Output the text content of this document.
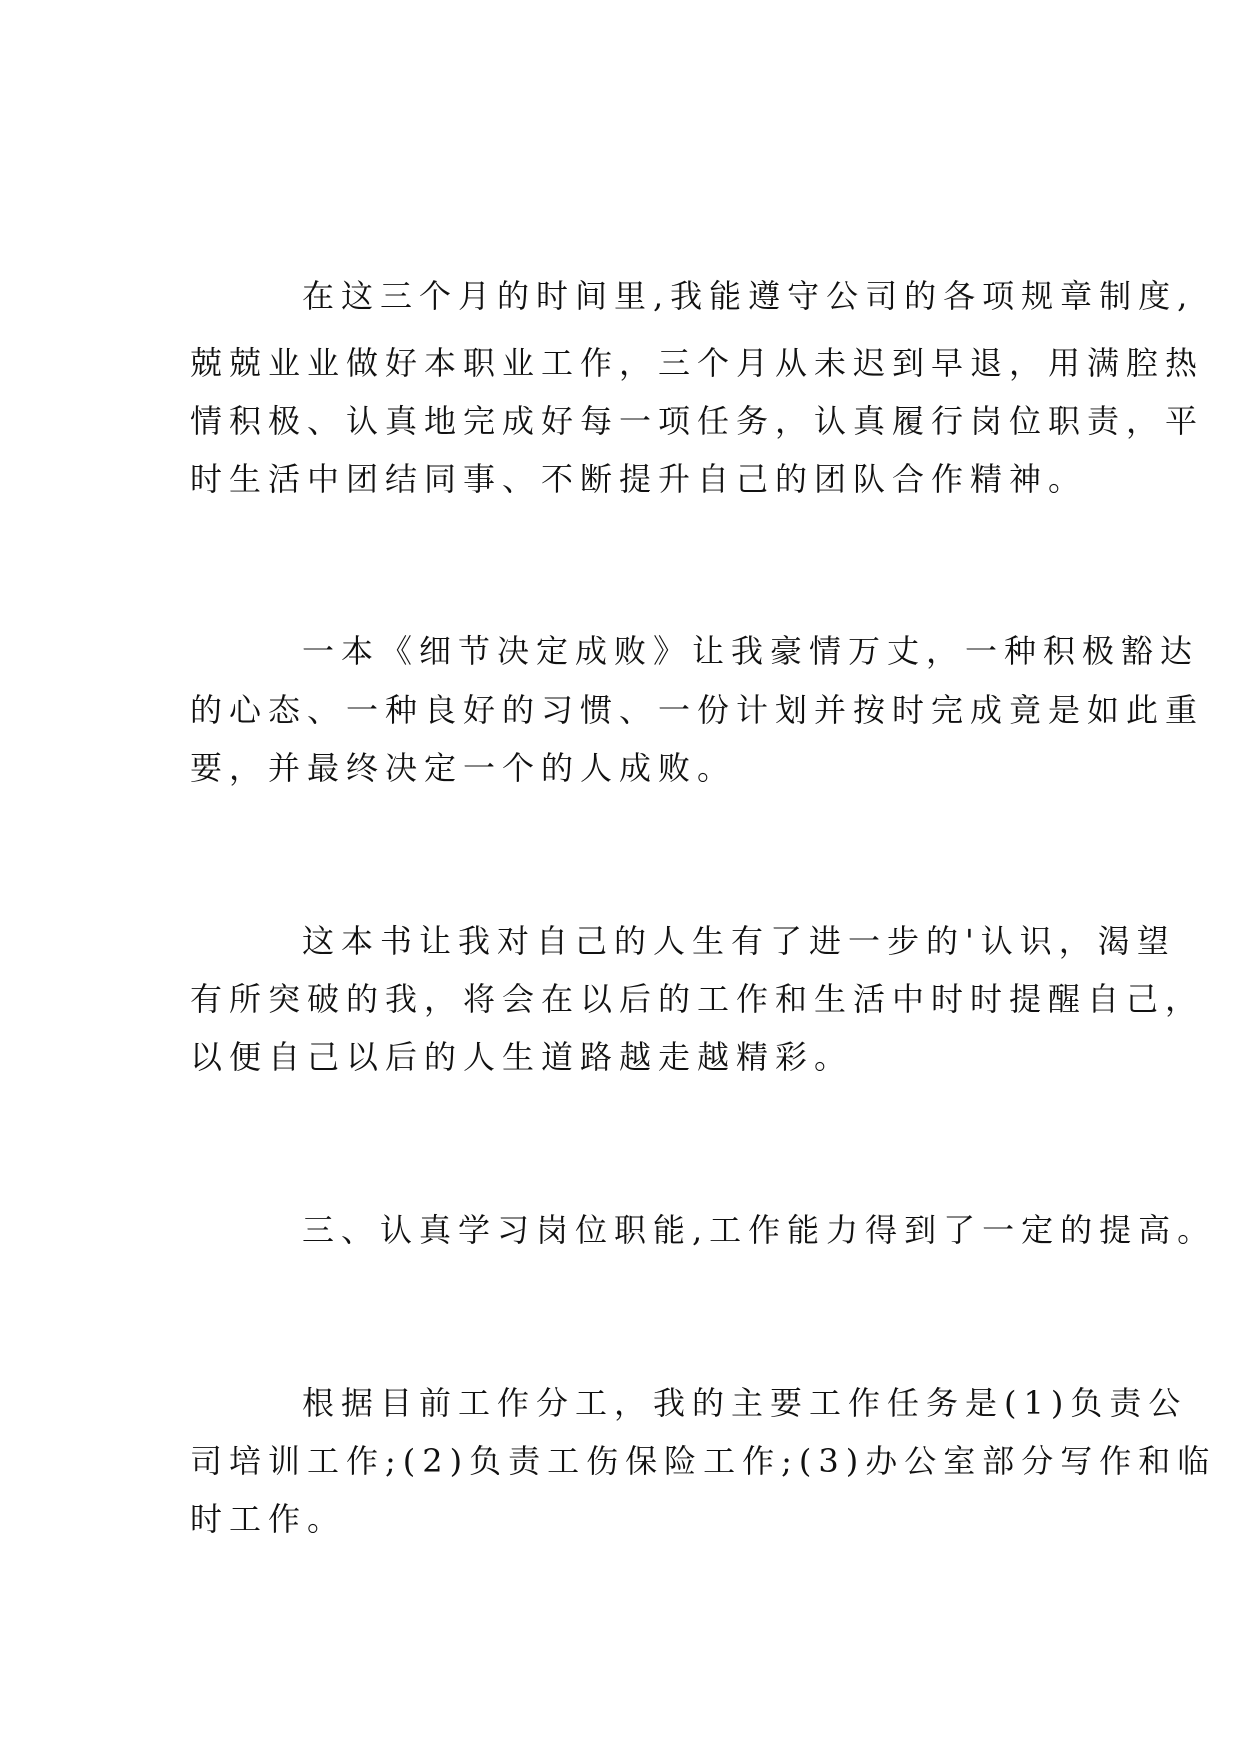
在这三个月的时间里,我能遵守公司的各项规章制度,
兢兢业业做好本职业工作，三个月从未迟到早退，用满腔热
情积极、认真地完成好每一项任务，认真履行岗位职责，平
时生活中团结同事、不断提升自己的团队合作精神。
一本《细节决定成败》让我豪情万丈，一种积极豁达
的心态、一种良好的习惯、一份计划并按时完成竟是如此重
要，并最终决定一个的人成败。
这本书让我对自己的人生有了进一步的'认识，渴望
有所突破的我，将会在以后的工作和生活中时时提醒自己，
以便自己以后的人生道路越走越精彩。
三、认真学习岗位职能,工作能力得到了一定的提高。
根据目前工作分工，我的主要工作任务是(1)负责公
司培训工作;(2)负责工伤保险工作;(3)办公室部分写作和临
时工作。
